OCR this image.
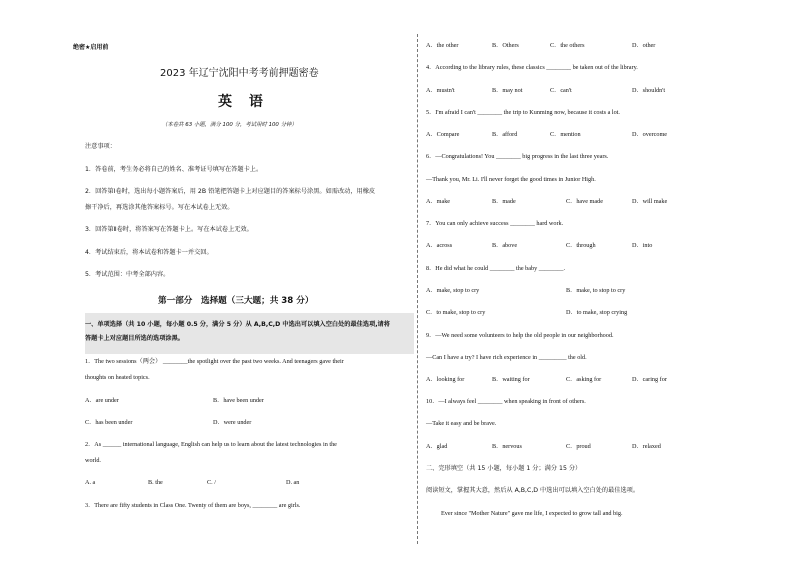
绝密★启用前
2023 年辽宁沈阳中考考前押题密卷
英 语
（本卷共 63 小题，满分 100 分，考试用时 100 分钟）
注意事项：
1．答卷前，考生务必将自己的姓名、准考证号填写在答题卡上。
2．回答第Ⅰ卷时，选出每小题答案后，用 2B 铅笔把答题卡上对应题目的答案标号涂黑。如需改动，用橡皮
擦干净后，再选涂其他答案标号。写在本试卷上无效。
3．回答第Ⅱ卷时，将答案写在答题卡上。写在本试卷上无效。
4．考试结束后，将本试卷和答题卡一并交回。
5．考试范围：中考全部内容。
第一部分　选择题（三大题；共 38 分）
一、单项选择（共 10 小题，每小题 0.5 分，满分 5 分）从 A,B,C,D 中选出可以填入空白处的最佳选项,请将
答题卡上对应题目所选的选项涂黑。
1．The two sessions（两会） ________the spotlight over the past two weeks. And teenagers gave their
thoughts on heated topics.
A．are under	B．have been under
C．has been under	D．were under
2．As ______ international language, English can help us to learn about the latest technologies in the
world.
A. a	B. the	C. /	D. an
3．There are fifty students in Class One. Twenty of them are boys, ________ are girls.
A．the other	B．Others	C．the others	D．other
4．According to the library rules, these classics ________ be taken out of the library.
A．mustn't	B．may not	C．can't	D．shouldn't
5．I'm afraid I can't ________ the trip to Kunming now, because it costs a lot.
A．Compare	B．afford	C．mention	D．overcome
6．—Congratulations! You ________ big progress in the last three years.
—Thank you, Mr. Li. I'll never forget the good times in Junior High.
A．make	B．made	C．have made	D．will make
7．You can only achieve success ________ hard work.
A．across	B．above	C．through	D．into
8．He did what he could ________ the baby ________.
A．make, stop to cry	B．make, to stop to cry
C．to make, stop to cry	D．to make, stop crying
9．—We need some volunteers to help the old people in our neighborhood.
—Can I have a try? I have rich experience in _________ the old.
A．looking for	B．waiting for	C．asking for	D．caring for
10．—I always feel ________ when speaking in front of others.
—Take it easy and be brave.
A．glad	B．nervous	C．proud	D．relaxed
二、完形填空（共 15 小题，每小题 1 分；满分 15 分）
阅读短文，掌握其大意，然后从 A,B,C,D 中选出可以填入空白处的最佳选项。
Ever since "Mother Nature" gave me life, I expected to grow tall and big.
